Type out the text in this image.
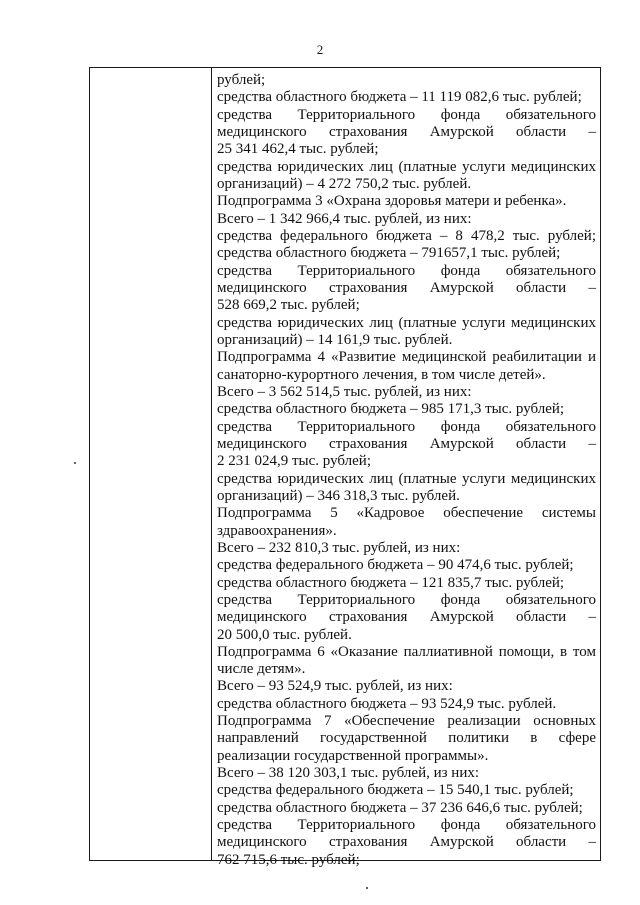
2
рублей;
средства областного бюджета – 11 119 082,6 тыс. рублей;
средства Территориального фонда обязательного
медицинского страхования Амурской области –
25 341 462,4 тыс. рублей;
средства юридических лиц (платные услуги медицинских
организаций) – 4 272 750,2 тыс. рублей.
Подпрограмма 3 «Охрана здоровья матери и ребенка».
Всего – 1 342 966,4 тыс. рублей, из них:
средства федерального бюджета – 8 478,2 тыс. рублей;
средства областного бюджета – 791657,1 тыс. рублей;
средства Территориального фонда обязательного
медицинского страхования Амурской области –
528 669,2 тыс. рублей;
средства юридических лиц (платные услуги медицинских
организаций) – 14 161,9 тыс. рублей.
Подпрограмма 4 «Развитие медицинской реабилитации и
санаторно-курортного лечения, в том числе детей».
Всего – 3 562 514,5 тыс. рублей, из них:
средства областного бюджета – 985 171,3 тыс. рублей;
средства Территориального фонда обязательного
медицинского страхования Амурской области –
2 231 024,9 тыс. рублей;
средства юридических лиц (платные услуги медицинских
организаций) – 346 318,3 тыс. рублей.
Подпрограмма 5 «Кадровое обеспечение системы
здравоохранения».
Всего – 232 810,3 тыс. рублей, из них:
средства федерального бюджета – 90 474,6 тыс. рублей;
средства областного бюджета – 121 835,7 тыс. рублей;
средства Территориального фонда обязательного
медицинского страхования Амурской области –
20 500,0 тыс. рублей.
Подпрограмма 6 «Оказание паллиативной помощи, в том
числе детям».
Всего – 93 524,9 тыс. рублей, из них:
средства областного бюджета – 93 524,9 тыс. рублей.
Подпрограмма 7 «Обеспечение реализации основных
направлений государственной политики в сфере
реализации государственной программы».
Всего – 38 120 303,1 тыс. рублей, из них:
средства федерального бюджета – 15 540,1 тыс. рублей;
средства областного бюджета – 37 236 646,6 тыс. рублей;
средства Территориального фонда обязательного
медицинского страхования Амурской области –
762 715,6 тыс. рублей;
